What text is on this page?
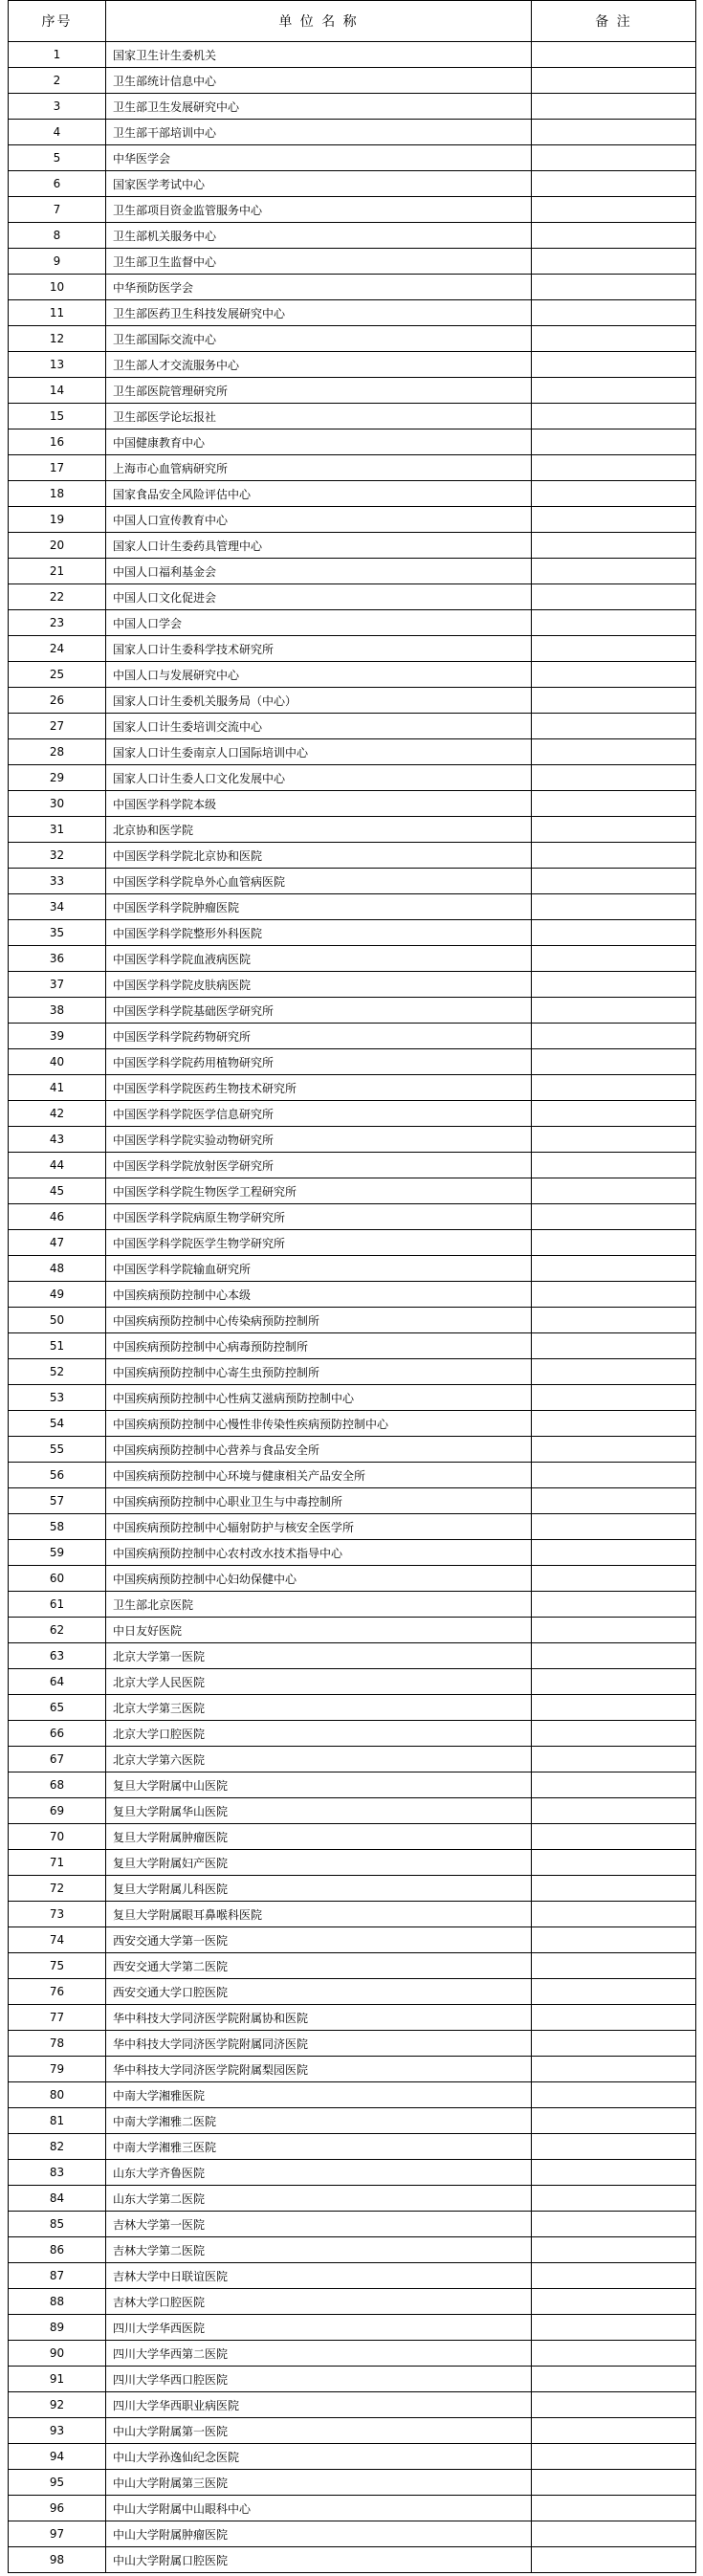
序号	单 位 名 称	备 注
1	国家卫生计生委机关	
2	卫生部统计信息中心	
3	卫生部卫生发展研究中心	
4	卫生部干部培训中心	
5	中华医学会	
6	国家医学考试中心	
7	卫生部项目资金监管服务中心	
8	卫生部机关服务中心	
9	卫生部卫生监督中心	
10	中华预防医学会	
11	卫生部医药卫生科技发展研究中心	
12	卫生部国际交流中心	
13	卫生部人才交流服务中心	
14	卫生部医院管理研究所	
15	卫生部医学论坛报社	
16	中国健康教育中心	
17	上海市心血管病研究所	
18	国家食品安全风险评估中心	
19	中国人口宣传教育中心	
20	国家人口计生委药具管理中心	
21	中国人口福利基金会	
22	中国人口文化促进会	
23	中国人口学会	
24	国家人口计生委科学技术研究所	
25	中国人口与发展研究中心	
26	国家人口计生委机关服务局（中心）	
27	国家人口计生委培训交流中心	
28	国家人口计生委南京人口国际培训中心	
29	国家人口计生委人口文化发展中心	
30	中国医学科学院本级	
31	北京协和医学院	
32	中国医学科学院北京协和医院	
33	中国医学科学院阜外心血管病医院	
34	中国医学科学院肿瘤医院	
35	中国医学科学院整形外科医院	
36	中国医学科学院血液病医院	
37	中国医学科学院皮肤病医院	
38	中国医学科学院基础医学研究所	
39	中国医学科学院药物研究所	
40	中国医学科学院药用植物研究所	
41	中国医学科学院医药生物技术研究所	
42	中国医学科学院医学信息研究所	
43	中国医学科学院实验动物研究所	
44	中国医学科学院放射医学研究所	
45	中国医学科学院生物医学工程研究所	
46	中国医学科学院病原生物学研究所	
47	中国医学科学院医学生物学研究所	
48	中国医学科学院输血研究所	
49	中国疾病预防控制中心本级	
50	中国疾病预防控制中心传染病预防控制所	
51	中国疾病预防控制中心病毒预防控制所	
52	中国疾病预防控制中心寄生虫预防控制所	
53	中国疾病预防控制中心性病艾滋病预防控制中心	
54	中国疾病预防控制中心慢性非传染性疾病预防控制中心	
55	中国疾病预防控制中心营养与食品安全所	
56	中国疾病预防控制中心环境与健康相关产品安全所	
57	中国疾病预防控制中心职业卫生与中毒控制所	
58	中国疾病预防控制中心辐射防护与核安全医学所	
59	中国疾病预防控制中心农村改水技术指导中心	
60	中国疾病预防控制中心妇幼保健中心	
61	卫生部北京医院	
62	中日友好医院	
63	北京大学第一医院	
64	北京大学人民医院	
65	北京大学第三医院	
66	北京大学口腔医院	
67	北京大学第六医院	
68	复旦大学附属中山医院	
69	复旦大学附属华山医院	
70	复旦大学附属肿瘤医院	
71	复旦大学附属妇产医院	
72	复旦大学附属儿科医院	
73	复旦大学附属眼耳鼻喉科医院	
74	西安交通大学第一医院	
75	西安交通大学第二医院	
76	西安交通大学口腔医院	
77	华中科技大学同济医学院附属协和医院	
78	华中科技大学同济医学院附属同济医院	
79	华中科技大学同济医学院附属梨园医院	
80	中南大学湘雅医院	
81	中南大学湘雅二医院	
82	中南大学湘雅三医院	
83	山东大学齐鲁医院	
84	山东大学第二医院	
85	吉林大学第一医院	
86	吉林大学第二医院	
87	吉林大学中日联谊医院	
88	吉林大学口腔医院	
89	四川大学华西医院	
90	四川大学华西第二医院	
91	四川大学华西口腔医院	
92	四川大学华西职业病医院	
93	中山大学附属第一医院	
94	中山大学孙逸仙纪念医院	
95	中山大学附属第三医院	
96	中山大学附属中山眼科中心	
97	中山大学附属肿瘤医院	
98	中山大学附属口腔医院	
